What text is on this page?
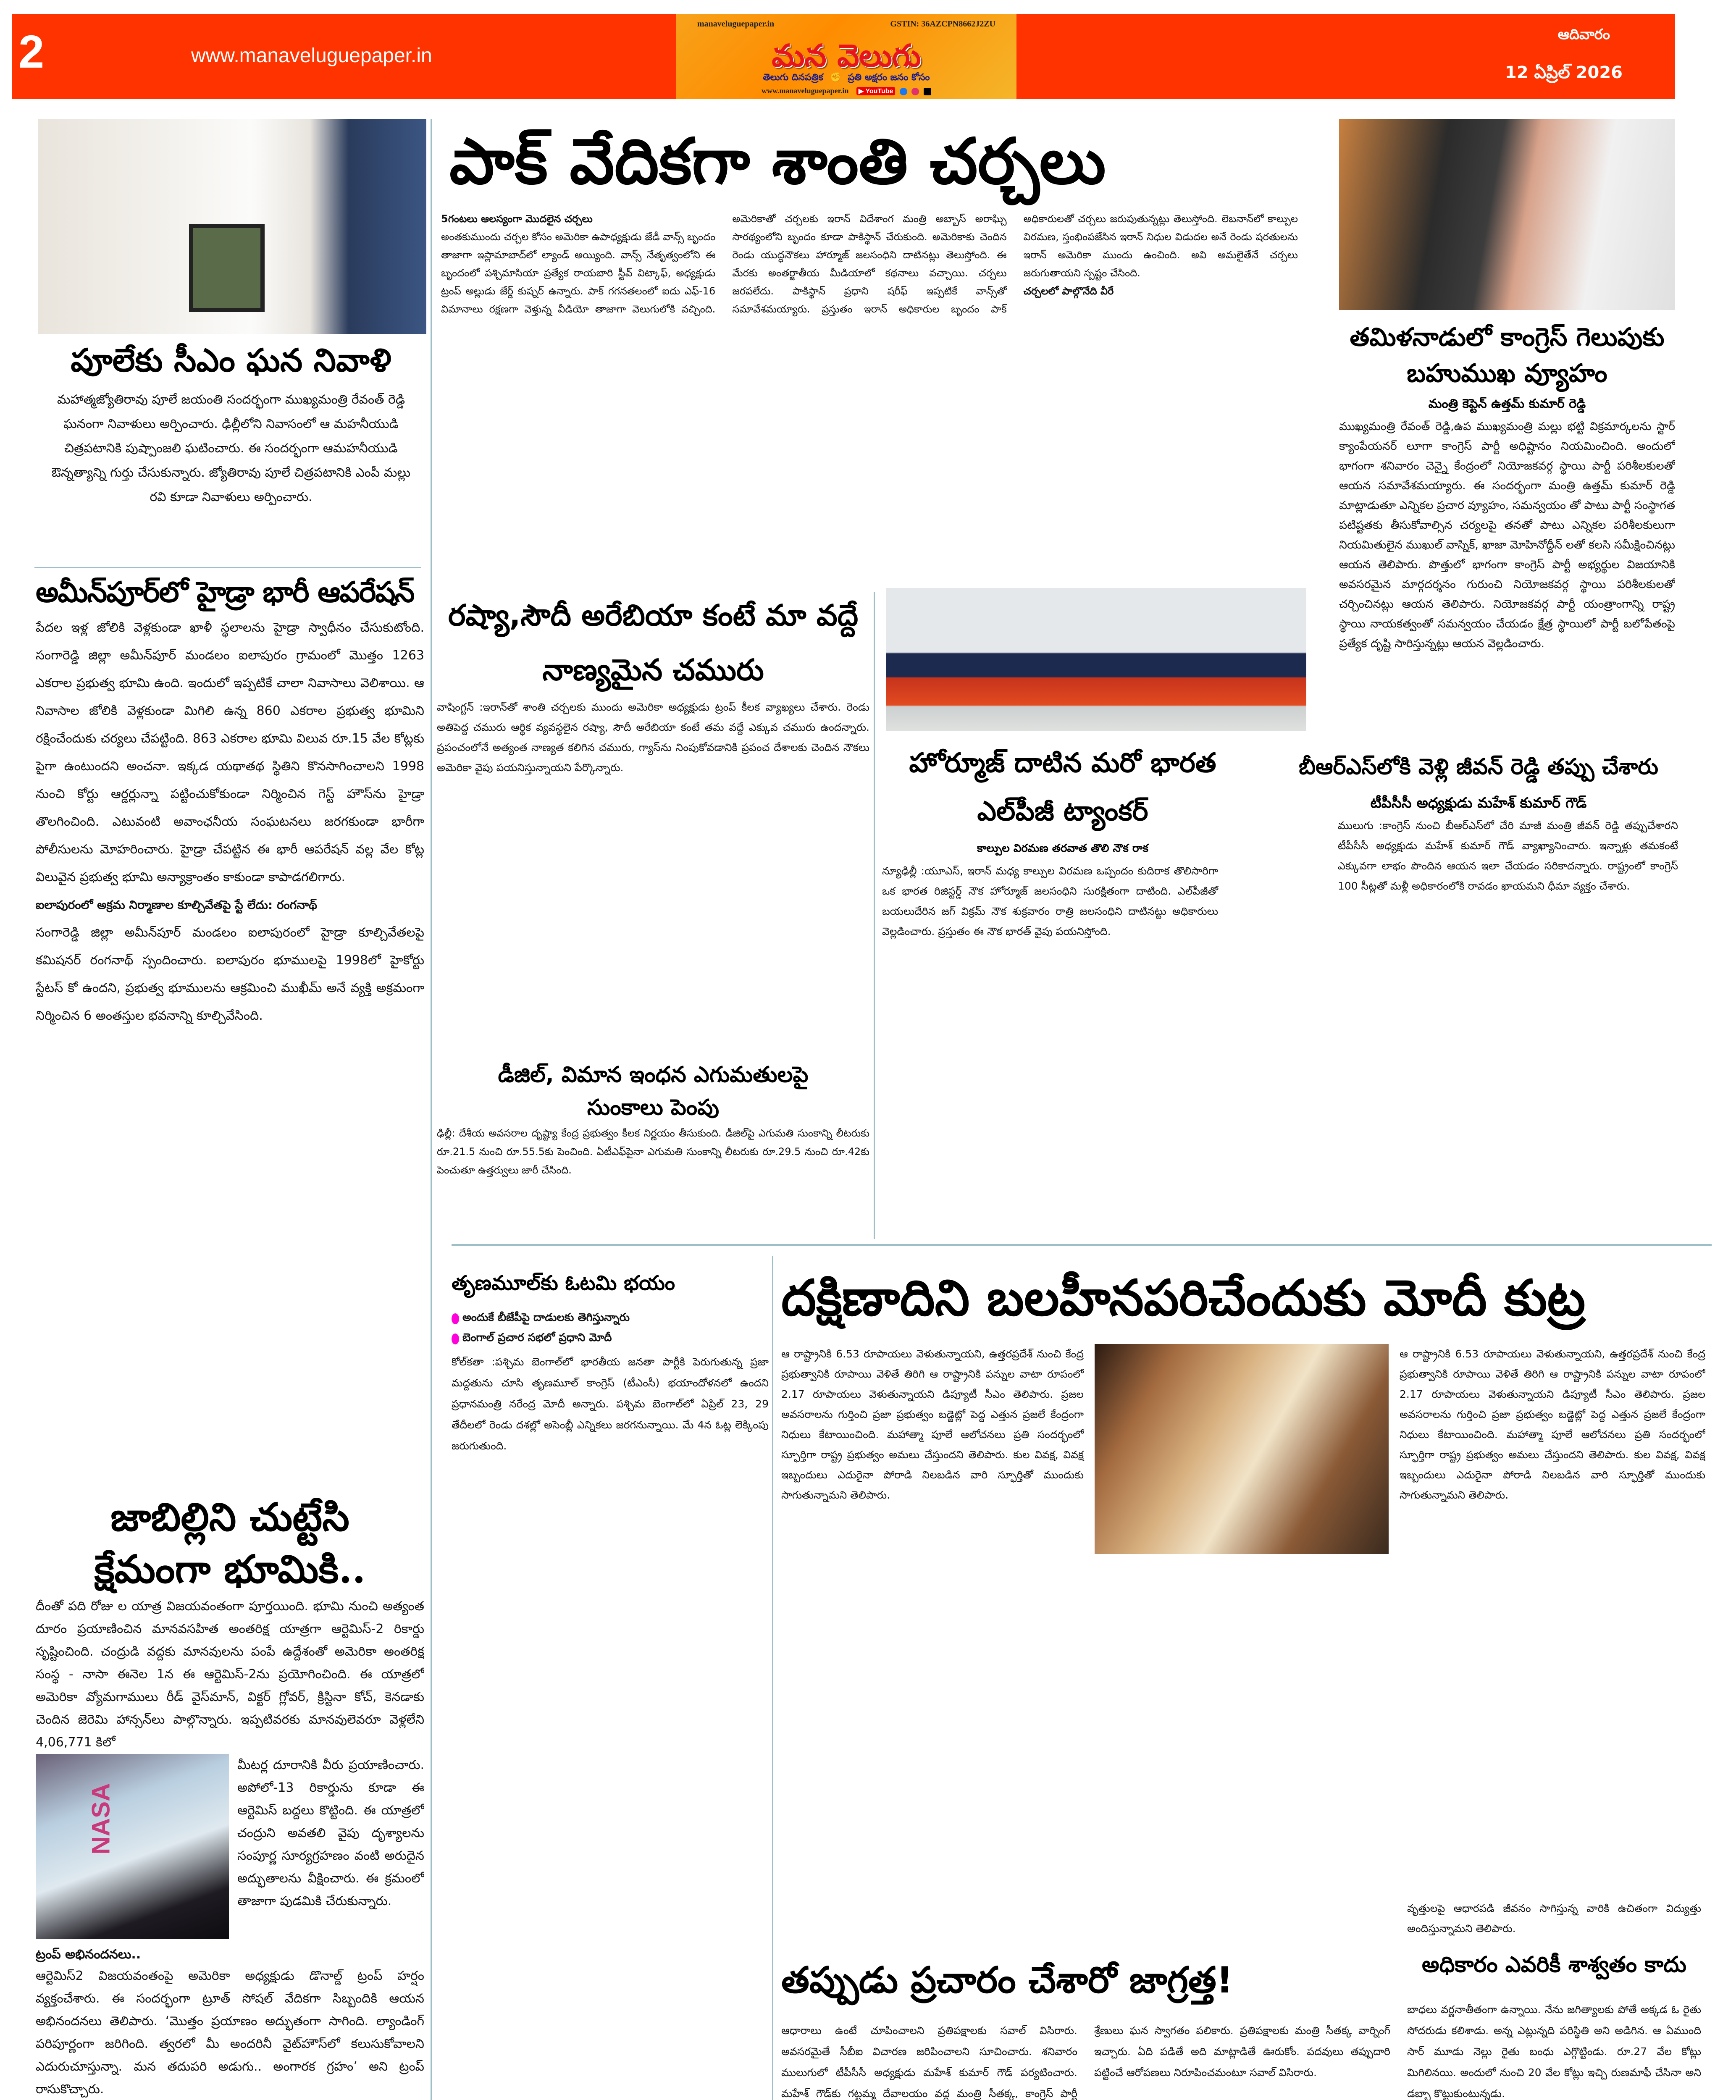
2	www.manaveluguepaper.in
manaveluguepaper.in	GSTIN: 36AZCPN8662J2ZU
మన వెలుగు
తెలుగు దినపత్రిక  ✊  ప్రతి అక్షరం జనం కోసం
www.manaveluguepaper.in ▶ YouTube
ఆదివారం
12 ఏప్రిల్ 2026
పూలేకు సీఎం ఘన నివాళి
మహాత్మజ్యోతిరావు పూలే జయంతి సందర్భంగా ముఖ్యమంత్రి రేవంత్ రెడ్డి ఘనంగా నివాళులు అర్పించారు. ఢిల్లీలోని నివాసంలో ఆ మహనీయుడి చిత్రపటానికి పుష్పాంజలి ఘటించారు. ఈ సందర్భంగా ఆమహనీయుడి ఔన్నత్యాన్ని గుర్తు చేసుకున్నారు. జ్యోతిరావు పూలే చిత్రపటానికి ఎంపీ మల్లు రవి కూడా నివాళులు అర్పించారు.
అమీన్‌పూర్‌లో హైడ్రా భారీ ఆపరేషన్
పేదల ఇళ్ల జోలికి వెళ్లకుండా ఖాళీ స్థలాలను హైడ్రా స్వాధీనం చేసుకుటోంది. సంగారెడ్డి జిల్లా అమీన్‌పూర్ మండలం ఐలాపురం గ్రామంలో మొత్తం 1263 ఎకరాల ప్రభుత్వ భూమి ఉంది. ఇందులో ఇప్పటికే చాలా నివాసాలు వెలిశాయి. ఆ నివాసాల జోలికి వెళ్లకుండా మిగిలి ఉన్న 860 ఎకరాల ప్రభుత్వ భూమిని రక్షించేందుకు చర్యలు చేపట్టింది. 863 ఎకరాల భూమి విలువ రూ.15 వేల కోట్లకు పైగా ఉంటుందని అంచనా. ఇక్కడ యథాతథ స్థితిని కొనసాగించాలని 1998 నుంచి కోర్టు ఆర్డర్లున్నా పట్టించుకోకుండా నిర్మించిన గెస్ట్ హౌస్‌ను హైడ్రా తొలగించింది. ఎటువంటి అవాంఛనీయ సంఘటనలు జరగకుండా భారీగా పోలీసులను మోహరించారు. హైడ్రా చేపట్టిన ఈ భారీ ఆపరేషన్ వల్ల వేల కోట్ల విలువైన ప్రభుత్వ భూమి అన్యాక్రాంతం కాకుండా కాపాడగలిగారు.
ఐలాపురంలో అక్రమ నిర్మాణాల కూల్చివేతపై స్టే లేదు: రంగనాథ్
సంగారెడ్డి జిల్లా అమీన్‌పూర్ మండలం ఐలాపురంలో హైడ్రా కూల్చివేతలపై కమిషనర్ రంగనాథ్ స్పందించారు. ఐలాపురం భూములపై 1998లో హైకోర్టు స్టేటస్ కో ఉందని, ప్రభుత్వ భూములను ఆక్రమించి ముఖీమ్ అనే వ్యక్తి అక్రమంగా నిర్మించిన 6 అంతస్తుల భవనాన్ని కూల్చివేసింది.
జాబిల్లిని చుట్టేసి క్షేమంగా భూమికి..
దీంతో పది రోజు ల యాత్ర విజయవంతంగా పూర్తయింది. భూమి నుంచి అత్యంత దూరం ప్రయాణించిన మానవసహిత అంతరిక్ష యాత్రగా ఆర్టెమిస్-2 రికార్డు సృష్టించింది. చంద్రుడి వద్దకు మానవులను పంపే ఉద్దేశంతో అమెరికా అంతరిక్ష సంస్థ - నాసా ఈనెల 1న ఈ ఆర్టెమిస్-2ను ప్రయోగించింది. ఈ యాత్రలో అమెరికా వ్యోమగాములు రీడ్ వైస్‌మాన్, విక్టర్ గ్లోవర్, క్రిస్టినా కోచ్, కెనడాకు చెందిన జెరెమి హాన్సన్‌లు పాల్గొన్నారు. ఇప్పటివరకు మానవులెవరూ వెళ్లలేని 4,06,771 కిలో
NASA
మీటర్ల దూరానికి వీరు ప్రయాణించారు. అపోలో-13 రికార్డును కూడా ఈ ఆర్టెమిస్ బద్దలు కొట్టింది. ఈ యాత్రలో చంద్రుని అవతలి వైపు దృశ్యాలను సంపూర్ణ సూర్యగ్రహణం వంటి అరుదైన అద్భుతాలను వీక్షించారు. ఈ క్రమంలో తాజాగా పుడమికి చేరుకున్నారు.
ట్రంప్ అభినందనలు..
ఆర్టెమిస్2 విజయవంతంపై అమెరికా అధ్యక్షుడు డొనాల్డ్ ట్రంప్ హర్షం వ్యక్తంచేశారు. ఈ సందర్భంగా ట్రూత్ సోషల్ వేదికగా సిబ్బందికి ఆయన అభినందనలు తెలిపారు. ‘మొత్తం ప్రయాణం అద్భుతంగా సాగింది. ల్యాండింగ్ పరిపూర్ణంగా జరిగింది. త్వరలో మీ అందరినీ వైట్‌హౌస్‌లో కలుసుకోవాలని ఎదురుచూస్తున్నా. మన తదుపరి అడుగు.. అంగారక గ్రహం’ అని ట్రంప్ రాసుకొచ్చారు.
పాక్ వేదికగా శాంతి చర్చలు
5గంటలు ఆలస్యంగా మొదలైన చర్చలు
అంతకుముందు చర్చల కోసం అమెరికా ఉపాధ్యక్షుడు జేడీ వాన్స్ బృందం తాజాగా ఇస్లామాబాద్‌లో ల్యాండ్ అయ్యింది. వాన్స్ నేతృత్వంలోని ఈ బృందంలో పశ్చిమాసియా ప్రత్యేక రాయబారి స్టీవ్ విట్కాఫ్, అధ్యక్షుడు ట్రంప్ అల్లుడు జేర్డ్ కుష్నర్ ఉన్నారు. పాక్ గగనతలంలో ఐదు ఎఫ్-16 విమానాలు రక్షణగా వెళ్తున్న వీడియో తాజాగా వెలుగులోకి వచ్చింది. అమెరికాతో చర్చలకు ఇరాన్ విదేశాంగ మంత్రి అబ్బాస్ అరాఘ్చి సారథ్యంలోని బృందం కూడా పాకిస్థాన్ చేరుకుంది. అమెరికాకు చెందిన రెండు యుద్ధనౌకలు హార్మూజ్ జలసంధిని దాటినట్లు తెలుస్తోంది. ఈ మేరకు అంతర్జాతీయ మీడియాలో కథనాలు వచ్చాయి. చర్చలు జరపలేదు. పాకిస్థాన్ ప్రధాని షరీఫ్ ఇప్పటికే వాన్స్‌తో సమావేశమయ్యారు. ప్రస్తుతం ఇరాన్ అధికారుల బృందం పాక్ అధికారులతో చర్చలు జరుపుతున్నట్లు తెలుస్తోంది. లెబనాన్‌లో కాల్పుల విరమణ, స్తంభింపజేసిన ఇరాన్ నిధుల విడుదల అనే రెండు షరతులను ఇరాన్ అమెరికా ముందు ఉంచింది. అవి అమలైతేనే చర్చలు జరుగుతాయని స్పష్టం చేసింది.
చర్చలలో పాల్గొనేది వీరే
తమిళనాడులో కాంగ్రెస్ గెలుపుకు బహుముఖ వ్యూహం
మంత్రి కెప్టెన్ ఉత్తమ్ కుమార్ రెడ్డి
ముఖ్యమంత్రి రేవంత్ రెడ్డి,ఉప ముఖ్యమంత్రి మల్లు భట్టి విక్రమార్కలను స్టార్ క్యాంపేయనర్ లూగా కాంగ్రెస్ పార్టీ అధిష్టానం నియమించింది. అందులో భాగంగా శనివారం చెన్నై కేంద్రంలో నియోజకవర్గ స్థాయి పార్టీ పరిశీలకులతో ఆయన సమావేశమయ్యారు. ఈ సందర్భంగా మంత్రి ఉత్తమ్ కుమార్ రెడ్డి మాట్లాడుతూ ఎన్నికల ప్రచార వ్యూహం, సమన్వయం తో పాటు పార్టీ సంస్థాగత పటిష్టతకు తీసుకోవాల్సిన చర్యలపై తనతో పాటు ఎన్నికల పరిశీలకులుగా నియమితులైన ముఖుల్ వాస్నిక్, ఖాజా మోహినోద్దీన్ లతో కలసి సమీక్షించినట్లు ఆయన తెలిపారు. పొత్తులో భాగంగా కాంగ్రెస్ పార్టీ అభ్యర్థుల విజయానికి అవసరమైన మార్గదర్శనం గురుంచి నియోజకవర్గ స్థాయి పరిశీలకులతో చర్చించినట్లు ఆయన తెలిపారు. నియోజకవర్గ పార్టీ యంత్రాంగాన్ని రాష్ట్ర స్థాయి నాయకత్వంతో సమన్వయం చేయడం క్షేత్ర స్థాయిలో పార్టీ బలోపేతంపై ప్రత్యేక దృష్టి సారిస్తున్నట్లు ఆయన వెల్లడించారు.
రష్యా,సౌదీ అరేబియా కంటే మా వద్దే నాణ్యమైన చమురు
వాషింగ్టన్ :ఇరాన్‌తో శాంతి చర్చలకు ముందు అమెరికా అధ్యక్షుడు ట్రంప్ కీలక వ్యాఖ్యలు చేశారు. రెండు అతిపెద్ద చమురు ఆర్థిక వ్యవస్థలైన రష్యా, సౌదీ అరేబియా కంటే తమ వద్దే ఎక్కువ చమురు ఉందన్నారు. ప్రపంచంలోనే అత్యంత నాణ్యత కలిగిన చమురు, గ్యాస్‌ను నింపుకోవడానికి ప్రపంచ దేశాలకు చెందిన నౌకలు అమెరికా వైపు పయనిస్తున్నాయని పేర్కొన్నారు.	హోర్మూజ్ దాటిన మరో భారత ఎల్‌పీజీ ట్యాంకర్
కాల్పుల విరమణ తరవాత తొలి నౌక రాక
న్యూఢిల్లీ :యూఎస్, ఇరాన్ మధ్య కాల్పుల విరమణ ఒప్పందం కుదిరాక తొలిసారిగా ఒక భారత రిజిస్టర్డ్ నౌక హోర్మూజ్ జలసంధిని సురక్షితంగా దాటింది. ఎల్‌పీజీతో బయలుదేరిన జగ్ విక్రమ్ నౌక శుక్రవారం రాత్రి జలసంధిని దాటినట్టు అధికారులు వెల్లడించారు. ప్రస్తుతం ఈ నౌక భారత్ వైపు పయనిస్తోంది.
బీఆర్‌ఎస్‌లోకి వెళ్లి జీవన్ రెడ్డి తప్పు చేశారు
టీపీసీసీ అధ్యక్షుడు మహేశ్ కుమార్ గౌడ్
ములుగు :కాంగ్రెస్ నుంచి బీఆర్‌ఎస్‌లో చేరి మాజీ మంత్రి జీవన్ రెడ్డి తప్పుచేశారని టీపీసీసీ అధ్యక్షుడు మహేశ్ కుమార్ గౌడ్ వ్యాఖ్యానించారు. ఇన్నాళ్లు తమకంటే ఎక్కువగా లాభం పొందిన ఆయన ఇలా చేయడం సరికాదన్నారు. రాష్ట్రంలో కాంగ్రెస్ 100 సీట్లతో మళ్లీ అధికారంలోకి రావడం ఖాయమని ధీమా వ్యక్తం చేశారు.
డీజిల్, విమాన ఇంధన ఎగుమతులపై సుంకాలు పెంపు
ఢిల్లీ: దేశీయ అవసరాల దృష్ట్యా కేంద్ర ప్రభుత్వం కీలక నిర్ణయం తీసుకుంది. డీజిల్‌పై ఎగుమతి సుంకాన్ని లీటరుకు రూ.21.5 నుంచి రూ.55.5కు పెంచింది. ఏటీఎఫ్‌పైనా ఎగుమతి సుంకాన్ని లీటరుకు రూ.29.5 నుంచి రూ.42కు పెంచుతూ ఉత్తర్వులు జారీ చేసింది.
తృణమూల్‌కు ఓటమి భయం
అందుకే బీజేపీపై దాడులకు తెగిస్తున్నారు
బెంగాల్ ప్రచార సభలో ప్రధాని మోదీ
కోల్‌కతా :పశ్చిమ బెంగాల్‌లో భారతీయ జనతా పార్టీకి పెరుగుతున్న ప్రజా మద్దతును చూసి తృణమూల్ కాంగ్రెస్ (టీఎంసీ) భయాందోళనలో ఉందని ప్రధానమంత్రి నరేంద్ర మోదీ అన్నారు. పశ్చిమ బెంగాల్‌లో ఏప్రిల్ 23, 29 తేదీలలో రెండు దశల్లో అసెంబ్లీ ఎన్నికలు జరగనున్నాయి. మే 4న ఓట్ల లెక్కింపు జరుగుతుంది.
దక్షిణాదిని బలహీనపరిచేందుకు మోదీ కుట్ర
ఆ రాష్ట్రానికి 6.53 రూపాయలు వెళుతున్నాయని, ఉత్తరప్రదేశ్ నుంచి కేంద్ర ప్రభుత్వానికి రూపాయి వెళితే తిరిగి ఆ రాష్ట్రానికి పన్నుల వాటా రూపంలో 2.17 రూపాయలు వెళుతున్నాయని డిప్యూటీ సీఎం తెలిపారు. ప్రజల అవసరాలను గుర్తించి ప్రజా ప్రభుత్వం బడ్జెట్లో పెద్ద ఎత్తున ప్రజలే కేంద్రంగా నిధులు కేటాయించింది. మహాత్మా పూలే ఆలోచనలు ప్రతి సందర్భంలో స్ఫూర్తిగా రాష్ట్ర ప్రభుత్వం అమలు చేస్తుందని తెలిపారు. కుల వివక్ష, వివక్ష ఇబ్బందులు ఎదురైనా పోరాడి నిలబడిన వారి స్ఫూర్తితో ముందుకు సాగుతున్నామని తెలిపారు.
ఆ రాష్ట్రానికి 6.53 రూపాయలు వెళుతున్నాయని, ఉత్తరప్రదేశ్ నుంచి కేంద్ర ప్రభుత్వానికి రూపాయి వెళితే తిరిగి ఆ రాష్ట్రానికి పన్నుల వాటా రూపంలో 2.17 రూపాయలు వెళుతున్నాయని డిప్యూటీ సీఎం తెలిపారు. ప్రజల అవసరాలను గుర్తించి ప్రజా ప్రభుత్వం బడ్జెట్లో పెద్ద ఎత్తున ప్రజలే కేంద్రంగా నిధులు కేటాయించింది. మహాత్మా పూలే ఆలోచనలు ప్రతి సందర్భంలో స్ఫూర్తిగా రాష్ట్ర ప్రభుత్వం అమలు చేస్తుందని తెలిపారు. కుల వివక్ష, వివక్ష ఇబ్బందులు ఎదురైనా పోరాడి నిలబడిన వారి స్ఫూర్తితో ముందుకు సాగుతున్నామని తెలిపారు.
తప్పుడు ప్రచారం చేశారో జాగ్రత్త!
ఆధారాలు ఉంటే చూపించాలని ప్రతిపక్షాలకు సవాల్ విసిరారు. అవసరమైతే సీబీఐ విచారణ జరిపించాలని సూచించారు. శనివారం ములుగులో టీపీసీసీ అధ్యక్షుడు మహేశ్ కుమార్ గౌడ్ పర్యటించారు. మహేశ్ గౌడ్‌కు గట్టమ్మ దేవాలయం వద్ద మంత్రి సీతక్క, కాంగ్రెస్ పార్టీ శ్రేణులు ఘన స్వాగతం పలికారు. ప్రతిపక్షాలకు మంత్రి సీతక్క వార్నింగ్ ఇచ్చారు. ఏది పడితే అది మాట్లాడితే ఊరుకోం. పదవులు తప్పుదారి పట్టించే ఆరోపణలు నిరూపించమంటూ సవాల్ విసిరారు.
వృత్తులపై ఆధారపడి జీవనం సాగిస్తున్న వారికి ఉచితంగా విద్యుత్తు అందిస్తున్నామని తెలిపారు.
అధికారం ఎవరికీ శాశ్వతం కాదు
బాధలు వర్ణనాతీతంగా ఉన్నాయి. నేను జగిత్యాలకు పోతే అక్కడ ఓ రైతు సోదరుడు కలిశాడు. అన్న ఎట్లున్నది పరిస్థితి అని అడిగిన. ఆ ఏముంది సార్ మూడు నెల్లు రైతు బంధు ఎగ్గొట్టిండు. రూ.27 వేల కోట్లు మిగిలినయి. అందులో నుంచి 20 వేల కోట్లు ఇచ్చి రుణమాఫీ చేసినా అని డబ్బా కొట్టుకుంటున్నడు.
